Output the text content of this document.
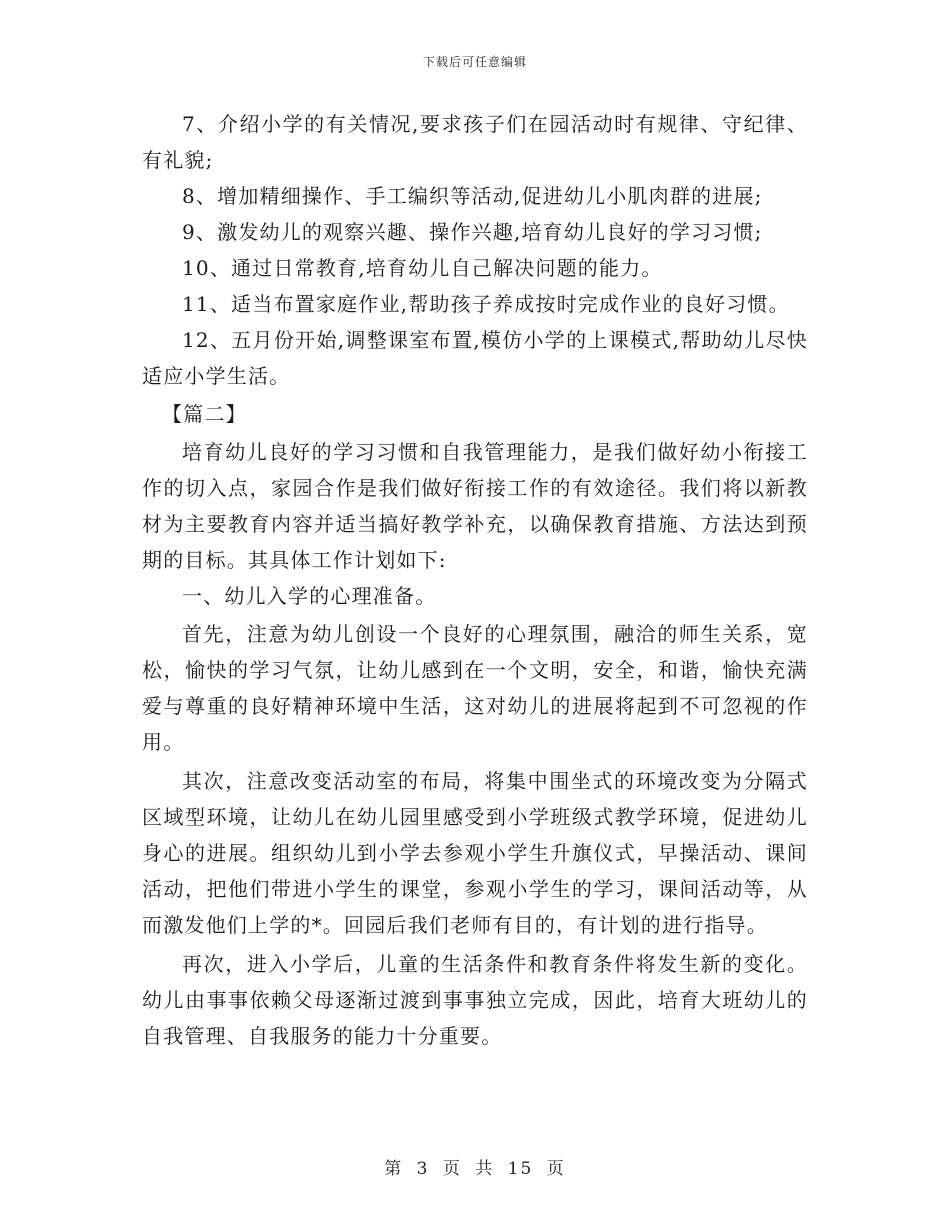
下载后可任意编辑

7、介绍小学的有关情况,要求孩子们在园活动时有规律、守纪律、有礼貌;

8、增加精细操作、手工编织等活动,促进幼儿小肌肉群的进展;

9、激发幼儿的观察兴趣、操作兴趣,培育幼儿良好的学习习惯;

10、通过日常教育,培育幼儿自己解决问题的能力。

11、适当布置家庭作业,帮助孩子养成按时完成作业的良好习惯。

12、五月份开始,调整课室布置,模仿小学的上课模式,帮助幼儿尽快适应小学生活。

【篇二】

培育幼儿良好的学习习惯和自我管理能力，是我们做好幼小衔接工作的切入点，家园合作是我们做好衔接工作的有效途径。我们将以新教材为主要教育内容并适当搞好教学补充，以确保教育措施、方法达到预期的目标。其具体工作计划如下:

一、幼儿入学的心理准备。

首先，注意为幼儿创设一个良好的心理氛围，融洽的师生关系，宽松，愉快的学习气氛，让幼儿感到在一个文明，安全，和谐，愉快充满爱与尊重的良好精神环境中生活，这对幼儿的进展将起到不可忽视的作用。

其次，注意改变活动室的布局，将集中围坐式的环境改变为分隔式区域型环境，让幼儿在幼儿园里感受到小学班级式教学环境，促进幼儿身心的进展。组织幼儿到小学去参观小学生升旗仪式，早操活动、课间活动，把他们带进小学生的课堂，参观小学生的学习，课间活动等，从而激发他们上学的*。回园后我们老师有目的，有计划的进行指导。

再次，进入小学后，儿童的生活条件和教育条件将发生新的变化。幼儿由事事依赖父母逐渐过渡到事事独立完成，因此，培育大班幼儿的自我管理、自我服务的能力十分重要。

第 3 页 共 15 页
